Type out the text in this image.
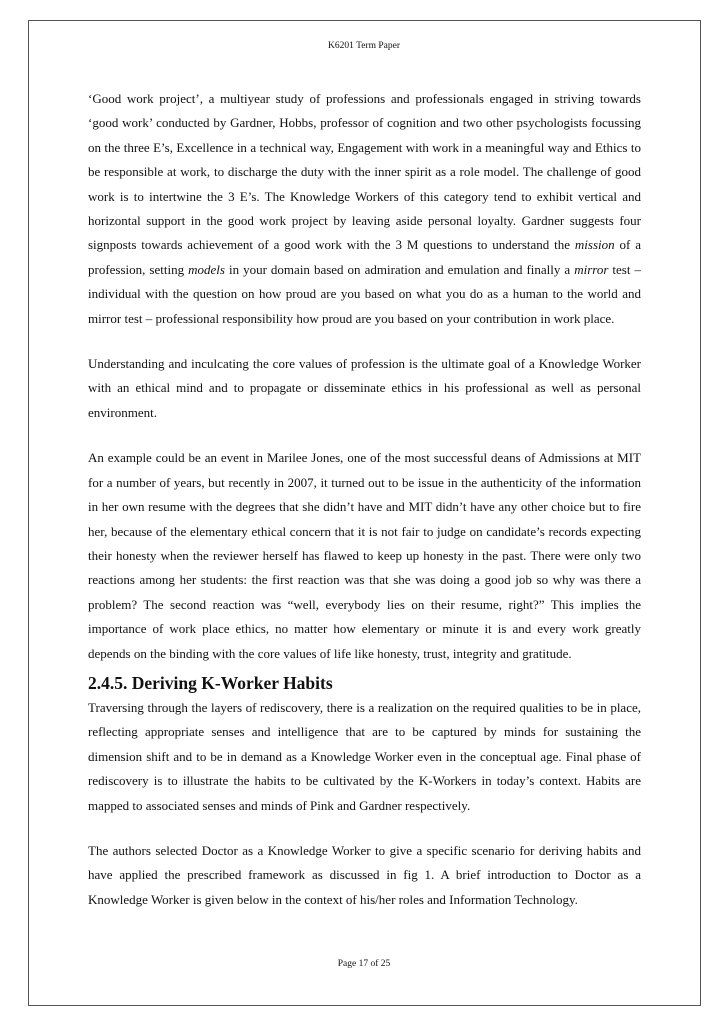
K6201 Term Paper

‘Good work project’, a multiyear study of professions and professionals engaged in striving towards ‘good work’ conducted by Gardner, Hobbs, professor of cognition and two other psychologists focussing on the three E’s, Excellence in a technical way, Engagement with work in a meaningful way and Ethics to be responsible at work, to discharge the duty with the inner spirit as a role model. The challenge of good work is to intertwine the 3 E’s. The Knowledge Workers of this category tend to exhibit vertical and horizontal support in the good work project by leaving aside personal loyalty. Gardner suggests four signposts towards achievement of a good work with the 3 M questions to understand the mission of a profession, setting models in your domain based on admiration and emulation and finally a mirror test – individual with the question on how proud are you based on what you do as a human to the world and mirror test – professional responsibility how proud are you based on your contribution in work place.

Understanding and inculcating the core values of profession is the ultimate goal of a Knowledge Worker with an ethical mind and to propagate or disseminate ethics in his professional as well as personal environment.

An example could be an event in Marilee Jones, one of the most successful deans of Admissions at MIT for a number of years, but recently in 2007, it turned out to be issue in the authenticity of the information in her own resume with the degrees that she didn’t have and MIT didn’t have any other choice but to fire her, because of the elementary ethical concern that it is not fair to judge on candidate’s records expecting their honesty when the reviewer herself has flawed to keep up honesty in the past. There were only two reactions among her students: the first reaction was that she was doing a good job so why was there a problem? The second reaction was “well, everybody lies on their resume, right?” This implies the importance of work place ethics, no matter how elementary or minute it is and every work greatly depends on the binding with the core values of life like honesty, trust, integrity and gratitude.

2.4.5. Deriving K-Worker Habits

Traversing through the layers of rediscovery, there is a realization on the required qualities to be in place, reflecting appropriate senses and intelligence that are to be captured by minds for sustaining the dimension shift and to be in demand as a Knowledge Worker even in the conceptual age. Final phase of rediscovery is to illustrate the habits to be cultivated by the K-Workers in today’s context. Habits are mapped to associated senses and minds of Pink and Gardner respectively.

The authors selected Doctor as a Knowledge Worker to give a specific scenario for deriving habits and have applied the prescribed framework as discussed in fig 1. A brief introduction to Doctor as a Knowledge Worker is given below in the context of his/her roles and Information Technology.

Page 17 of 25
